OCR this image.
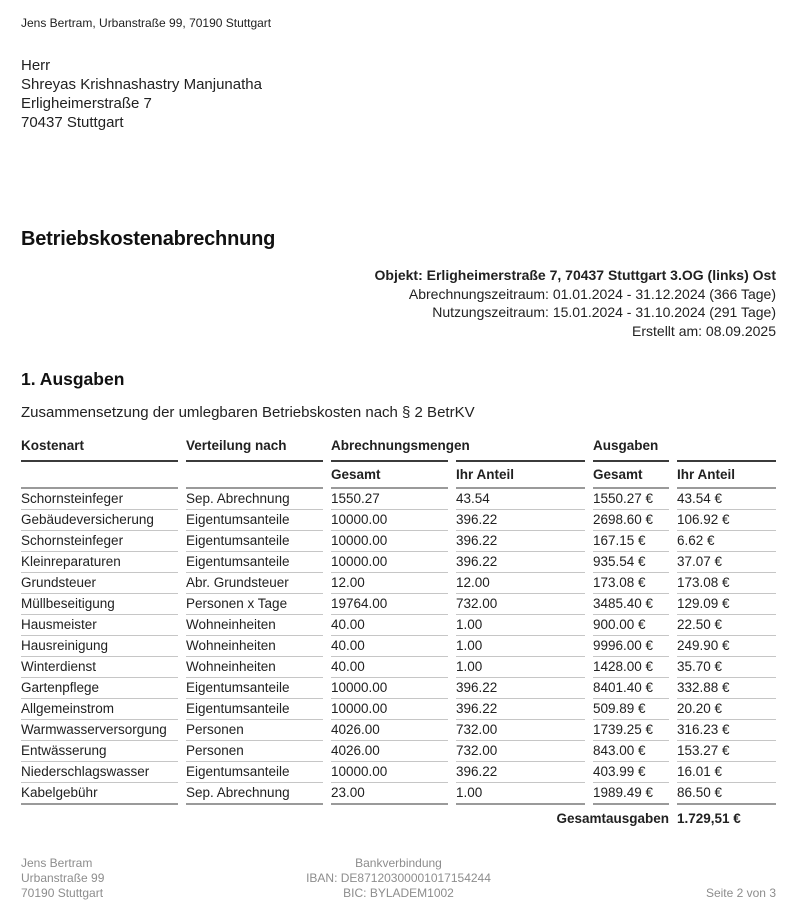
Jens Bertram, Urbanstraße 99, 70190 Stuttgart
Herr
Shreyas Krishnashastry Manjunatha
Erligheimerstraße 7
70437 Stuttgart
Betriebskostenabrechnung
Objekt: Erligheimerstraße 7, 70437 Stuttgart 3.OG (links) Ost
Abrechnungszeitraum: 01.01.2024 - 31.12.2024 (366 Tage)
Nutzungszeitraum: 15.01.2024 - 31.10.2024 (291 Tage)
Erstellt am: 08.09.2025
1. Ausgaben
Zusammensetzung der umlegbaren Betriebskosten nach § 2 BetrKV
Kostenart	Verteilung nach	Abrechnungsmengen		Ausgaben	
		Gesamt	Ihr Anteil	Gesamt	Ihr Anteil
Schornsteinfeger	Sep. Abrechnung	1550.27	43.54	1550.27 €	43.54 €
Gebäudeversicherung	Eigentumsanteile	10000.00	396.22	2698.60 €	106.92 €
Schornsteinfeger	Eigentumsanteile	10000.00	396.22	167.15 €	6.62 €
Kleinreparaturen	Eigentumsanteile	10000.00	396.22	935.54 €	37.07 €
Grundsteuer	Abr. Grundsteuer	12.00	12.00	173.08 €	173.08 €
Müllbeseitigung	Personen x Tage	19764.00	732.00	3485.40 €	129.09 €
Hausmeister	Wohneinheiten	40.00	1.00	900.00 €	22.50 €
Hausreinigung	Wohneinheiten	40.00	1.00	9996.00 €	249.90 €
Winterdienst	Wohneinheiten	40.00	1.00	1428.00 €	35.70 €
Gartenpflege	Eigentumsanteile	10000.00	396.22	8401.40 €	332.88 €
Allgemeinstrom	Eigentumsanteile	10000.00	396.22	509.89 €	20.20 €
Warmwasserversorgung	Personen	4026.00	732.00	1739.25 €	316.23 €
Entwässerung	Personen	4026.00	732.00	843.00 €	153.27 €
Niederschlagswasser	Eigentumsanteile	10000.00	396.22	403.99 €	16.01 €
Kabelgebühr	Sep. Abrechnung	23.00	1.00	1989.49 €	86.50 €
Gesamtausgaben					1.729,51 €
Jens Bertram
Urbanstraße 99
70190 Stuttgart
Bankverbindung
IBAN: DE87120300001017154244
BIC: BYLADEM1002	Seite 2 von 3
